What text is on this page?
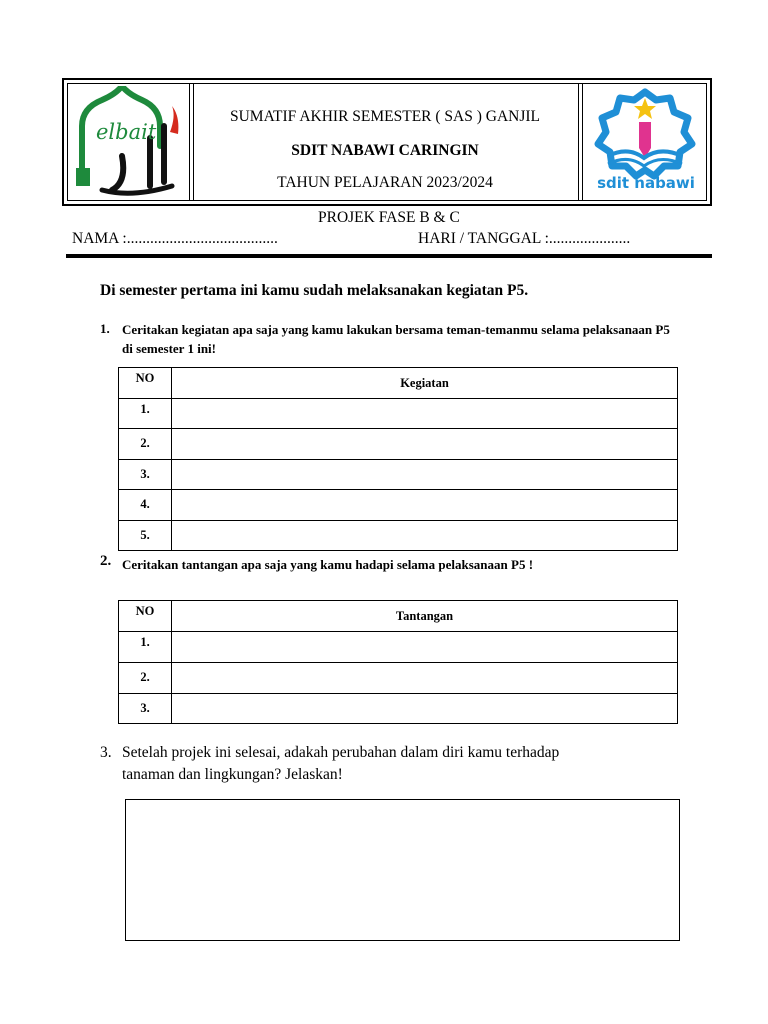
elbait
SUMATIF AKHIR SEMESTER ( SAS ) GANJIL
SDIT NABAWI CARINGIN
TAHUN PELAJARAN 2023/2024	sdit nabawi
PROJEK FASE B & C
NAMA :.......................................	HARI / TANGGAL :.....................
Di semester pertama ini kamu sudah melaksanakan kegiatan P5.
1. Ceritakan kegiatan apa saja yang kamu lakukan bersama teman-temanmu selama pelaksanaan P5 di semester 1 ini!
NO	Kegiatan
1.	
2.	
3.	
4.	
5.	
2. Ceritakan tantangan apa saja yang kamu hadapi selama pelaksanaan P5 !
NO	Tantangan
1.	
2.	
3.	
3. Setelah projek ini selesai, adakah perubahan dalam diri kamu terhadap
tanaman dan lingkungan? Jelaskan!
